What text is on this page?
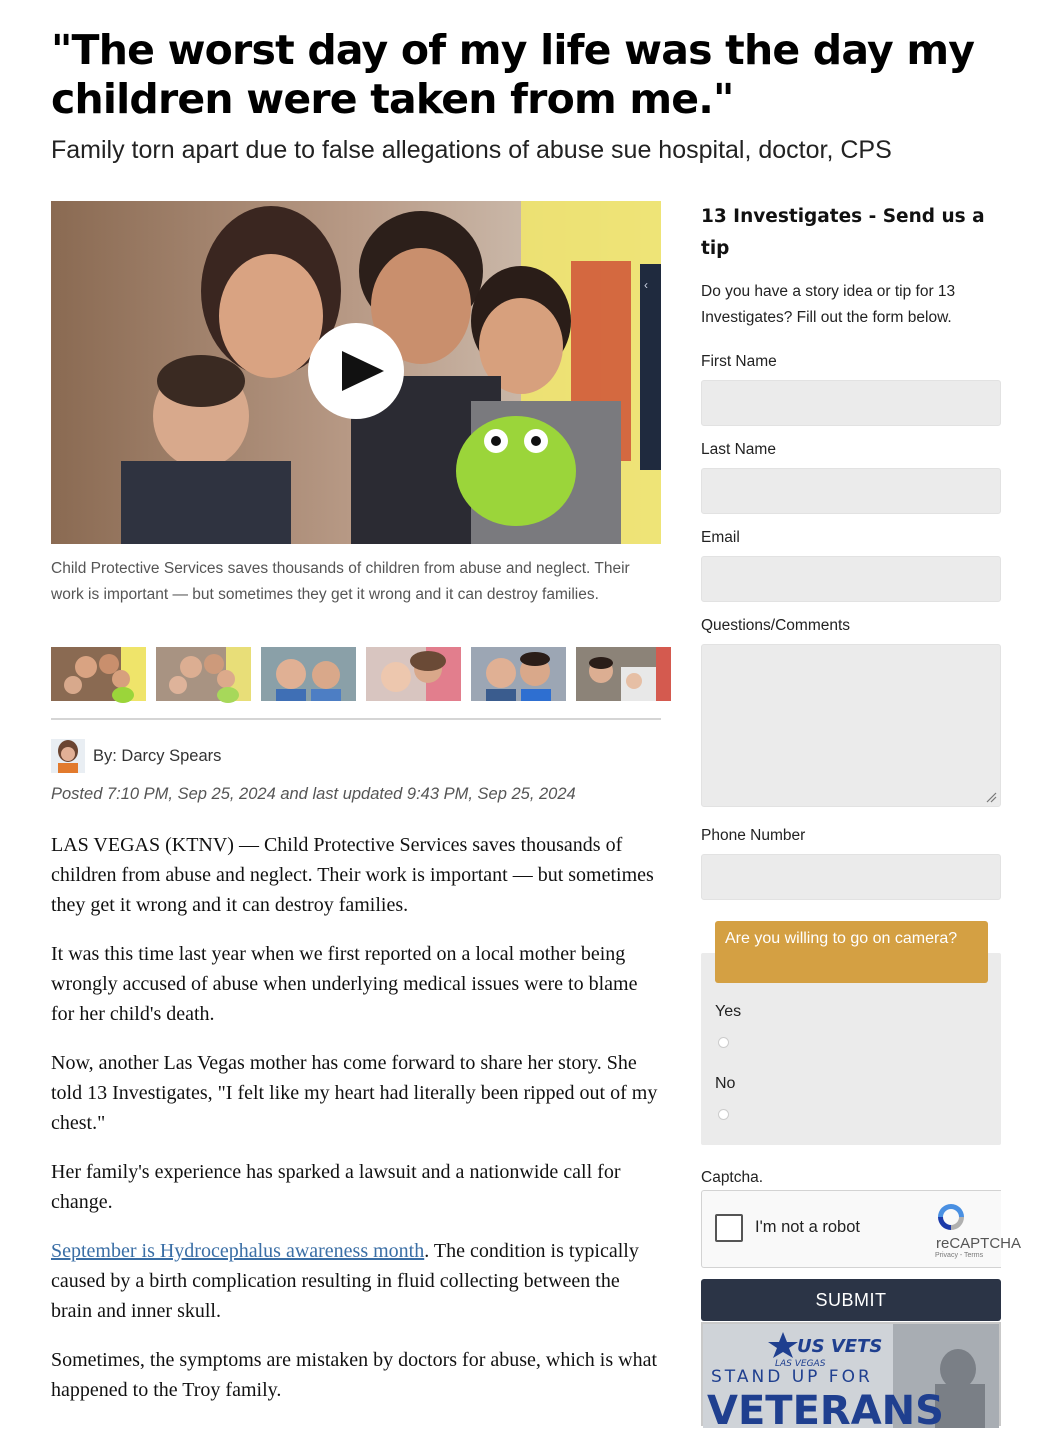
"The worst day of my life was the day my children were taken from me."
Family torn apart due to false allegations of abuse sue hospital, doctor, CPS
‹
Child Protective Services saves thousands of children from abuse and neglect. Their work is important — but sometimes they get it wrong and it can destroy families.
By: Darcy Spears
Posted 7:10 PM, Sep 25, 2024 and last updated 9:43 PM, Sep 25, 2024

LAS VEGAS (KTNV) — Child Protective Services saves thousands of children from abuse and neglect. Their work is important — but sometimes they get it wrong and it can destroy families.

It was this time last year when we first reported on a local mother being wrongly accused of abuse when underlying medical issues were to blame for her child's death.

Now, another Las Vegas mother has come forward to share her story. She told 13 Investigates, "I felt like my heart had literally been ripped out of my chest."

Her family's experience has sparked a lawsuit and a nationwide call for change.

September is Hydrocephalus awareness month. The condition is typically caused by a birth complication resulting in fluid collecting between the brain and inner skull.

Sometimes, the symptoms are mistaken by doctors for abuse, which is what happened to the Troy family.

13 Investigates - Send us a tip
Do you have a story idea or tip for 13 Investigates? Fill out the form below.
First Name
Last Name
Email
Questions/Comments
Phone Number
Are you willing to go on camera?
Yes
No
Captcha.
I'm not a robot
reCAPTCHA
Privacy - Terms
SUBMIT
US VETS
LAS VEGAS
STAND UP FOR
VETERANS
